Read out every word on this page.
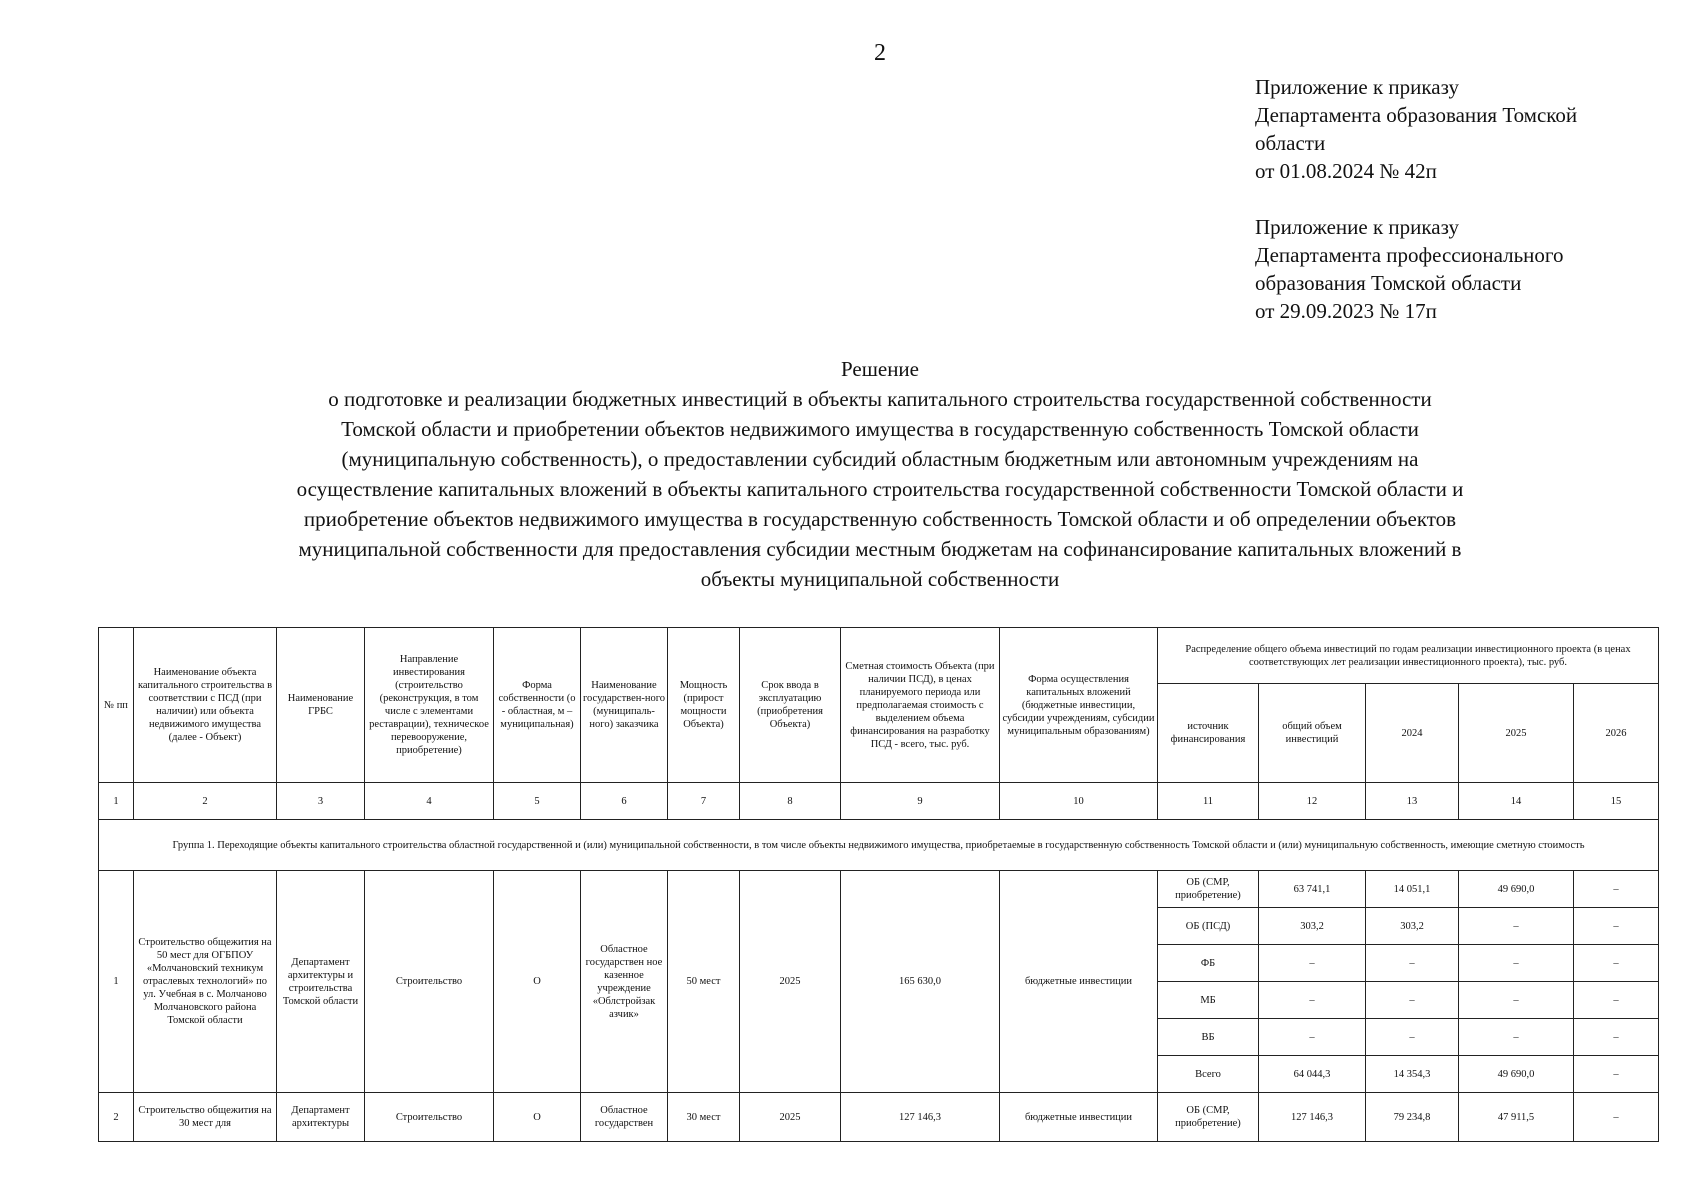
2
Приложение к приказу
Департамента образования Томской
области
от 01.08.2024 № 42п
Приложение к приказу
Департамента профессионального
образования Томской области
от 29.09.2023 № 17п
Решение
о подготовке и реализации бюджетных инвестиций в объекты капитального строительства государственной собственности
Томской области и приобретении объектов недвижимого имущества в государственную собственность Томской области
(муниципальную собственность), о предоставлении субсидий областным бюджетным или автономным учреждениям на
осуществление капитальных вложений в объекты капитального строительства государственной собственности Томской области и
приобретение объектов недвижимого имущества в государственную собственность Томской области и об определении объектов
муниципальной собственности для предоставления субсидии местным бюджетам на софинансирование капитальных вложений в
объекты муниципальной собственности
№ пп	Наименование объекта капитального строительства в соответствии с ПСД (при наличии) или объекта недвижимого имущества (далее - Объект)	Наименование ГРБС	Направление инвестирования (строительство (реконструкция, в том числе с элементами реставрации), техническое перевооружение, приобретение)	Форма собственности (о - областная, м – муниципальная)	Наименование государствен-ного (муниципаль-ного) заказчика	Мощность (прирост мощности Объекта)	Срок ввода в эксплуатацию (приобретения Объекта)	Сметная стоимость Объекта (при наличии ПСД), в ценах планируемого периода или предполагаемая стоимость с выделением объема финансирования на разработку ПСД - всего, тыс. руб.	Форма осуществления капитальных вложений (бюджетные инвестиции, субсидии учреждениям, субсидии муниципальным образованиям)	Распределение общего объема инвестиций по годам реализации инвестиционного проекта (в ценах соответствующих лет реализации инвестиционного проекта), тыс. руб.				
										источник финансирования	общий объем инвестиций	2024	2025	2026
1	2	3	4	5	6	7	8	9	10	11	12	13	14	15
Группа 1. Переходящие объекты капитального строительства областной государственной и (или) муниципальной собственности, в том числе объекты недвижимого имущества, приобретаемые в государственную собственность Томской области и (или) муниципальную собственность, имеющие сметную стоимость														
1	Строительство общежития на 50 мест для ОГБПОУ «Молчановский техникум отраслевых технологий» по ул. Учебная в с. Молчаново Молчановского района Томской области	Департамент архитектуры и строительства Томской области	Строительство	О	Областное государствен ное казенное учреждение «Облстройзак азчик»	50 мест	2025	165 630,0	бюджетные инвестиции	ОБ (СМР, приобретение)	63 741,1	14 051,1	49 690,0	–
										ОБ (ПСД)	303,2	303,2	–	–
										ФБ	–	–	–	–
										МБ	–	–	–	–
										ВБ	–	–	–	–
										Всего	64 044,3	14 354,3	49 690,0	–
2	Строительство общежития на 30 мест для	Департамент архитектуры	Строительство	О	Областное государствен	30 мест	2025	127 146,3	бюджетные инвестиции	ОБ (СМР, приобретение)	127 146,3	79 234,8	47 911,5	–
